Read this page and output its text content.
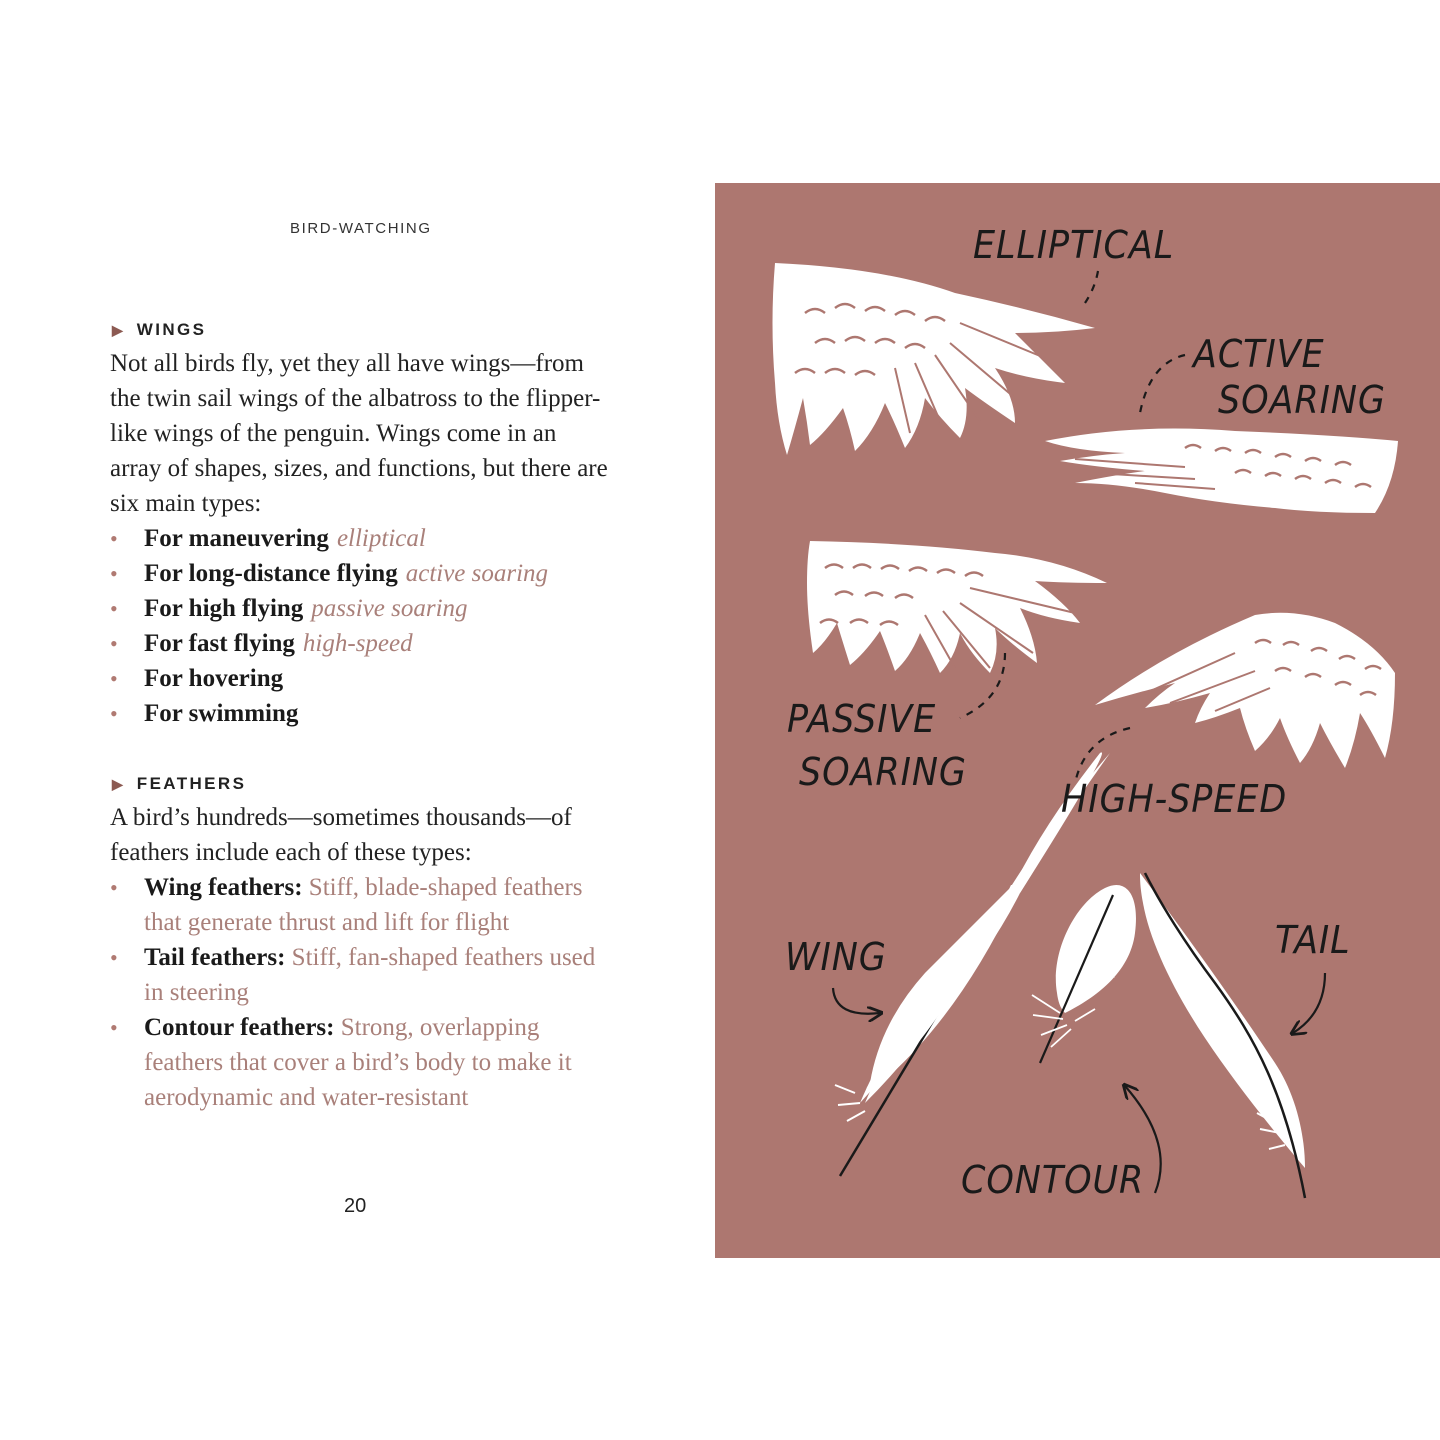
BIRD-WATCHING
▶ WINGS
Not all birds fly, yet they all have wings—from the twin sail wings of the albatross to the flipper-like wings of the penguin. Wings come in an array of shapes, sizes, and functions, but there are six main types:
• For maneuvering elliptical
• For long-distance flying active soaring
• For high flying passive soaring
• For fast flying high-speed
• For hovering
• For swimming
▶ FEATHERS
A bird’s hundreds—sometimes thousands—of feathers include each of these types:
• Wing feathers: Stiff, blade-shaped feathers that generate thrust and lift for flight
• Tail feathers: Stiff, fan-shaped feathers used in steering
• Contour feathers: Strong, overlapping feathers that cover a bird’s body to make it aerodynamic and water-resistant
20
ELLIPTICAL
ACTIVE
SOARING
PASSIVE
SOARING
HIGH-SPEED
WING	TAIL
CONTOUR
